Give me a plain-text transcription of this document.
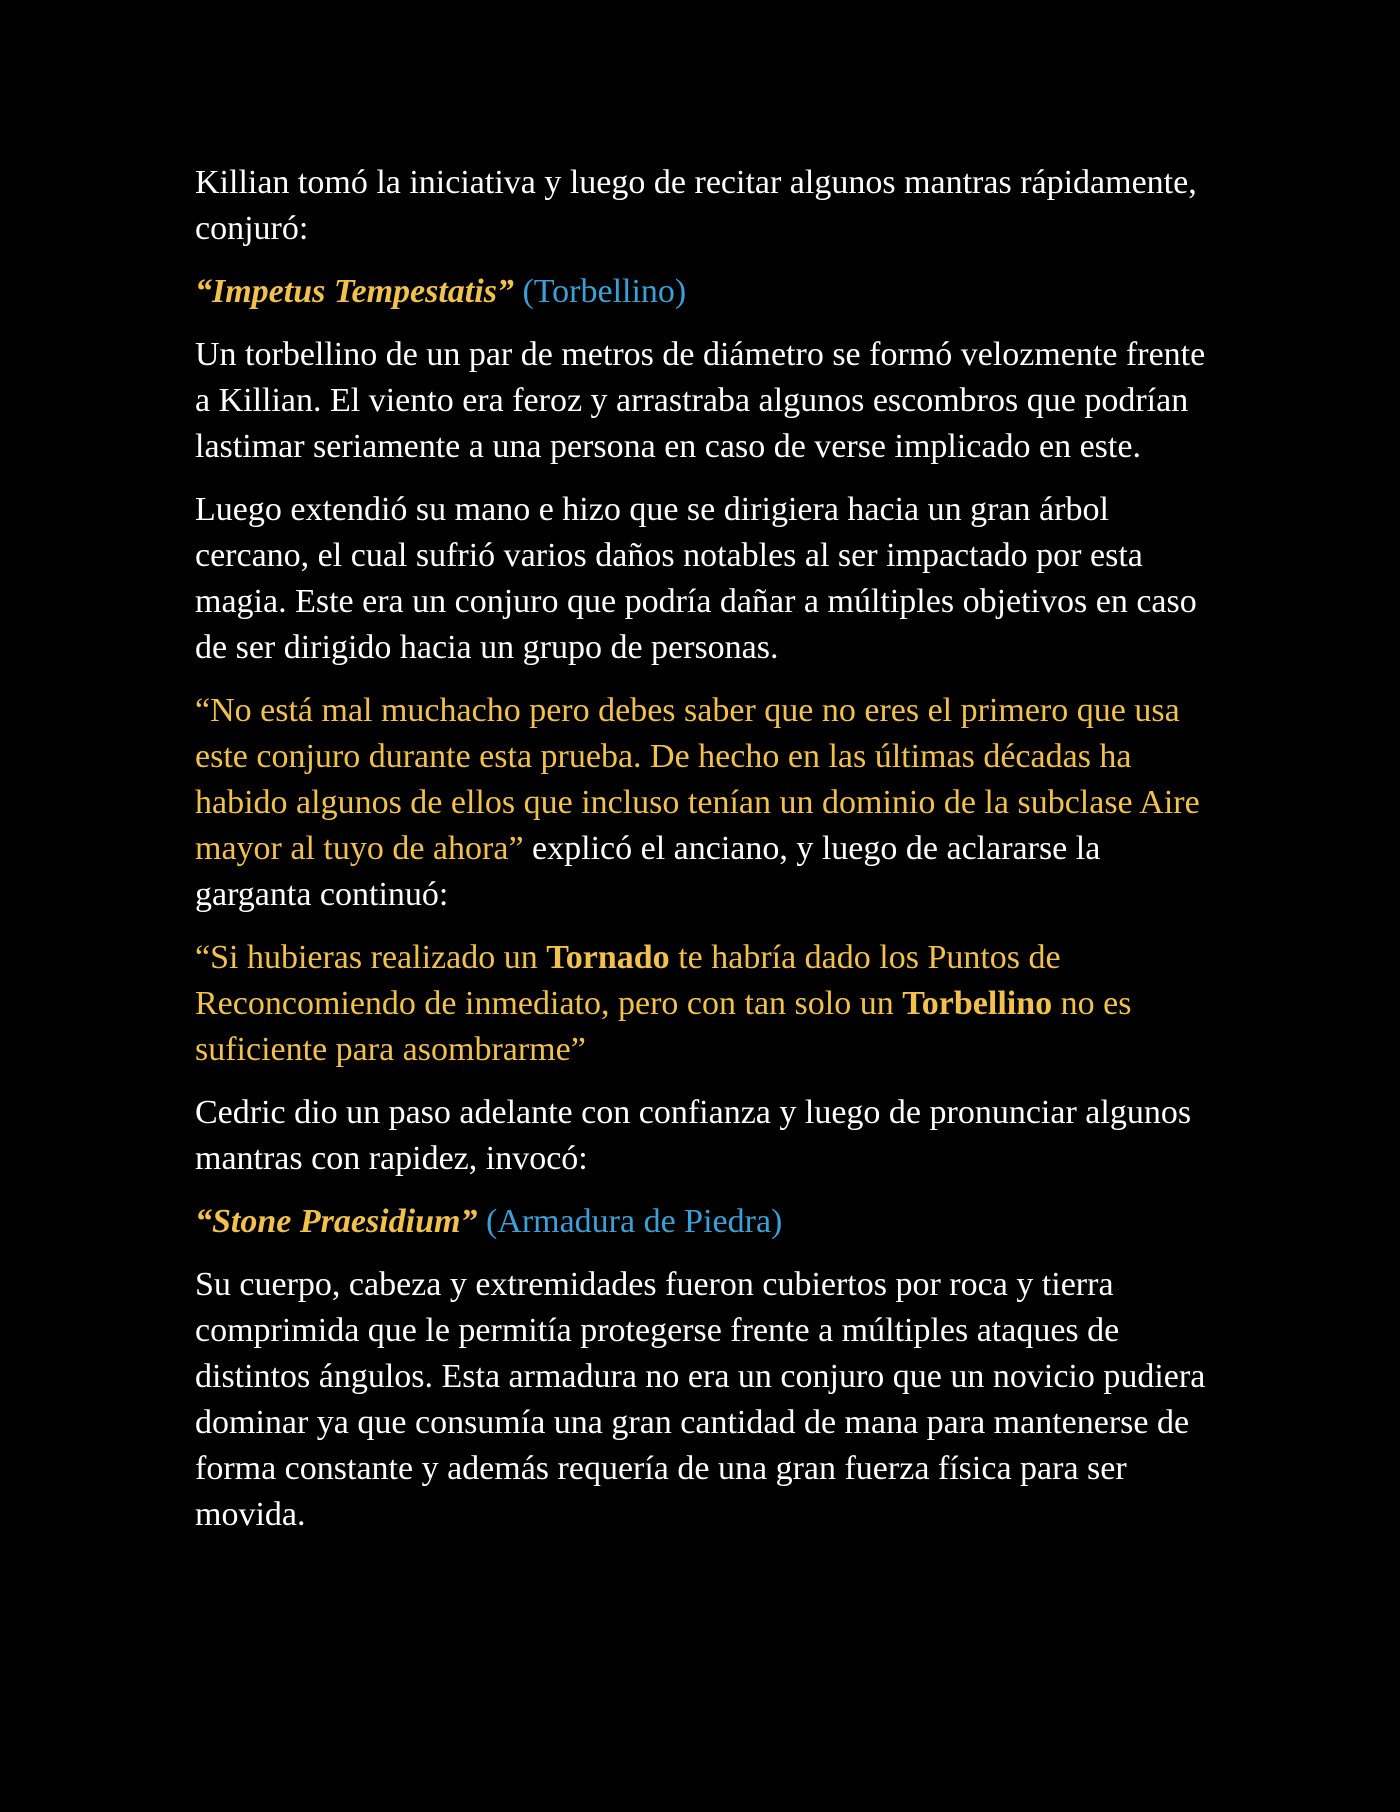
Killian tomó la iniciativa y luego de recitar algunos mantras rápidamente, conjuró:

“Impetus Tempestatis” (Torbellino)

Un torbellino de un par de metros de diámetro se formó velozmente frente a Killian. El viento era feroz y arrastraba algunos escombros que podrían lastimar seriamente a una persona en caso de verse implicado en este.

Luego extendió su mano e hizo que se dirigiera hacia un gran árbol cercano, el cual sufrió varios daños notables al ser impactado por esta magia. Este era un conjuro que podría dañar a múltiples objetivos en caso de ser dirigido hacia un grupo de personas.

“No está mal muchacho pero debes saber que no eres el primero que usa este conjuro durante esta prueba. De hecho en las últimas décadas ha habido algunos de ellos que incluso tenían un dominio de la subclase Aire mayor al tuyo de ahora” explicó el anciano, y luego de aclararse la garganta continuó:

“Si hubieras realizado un Tornado te habría dado los Puntos de Reconcomiendo de inmediato, pero con tan solo un Torbellino no es suficiente para asombrarme”

Cedric dio un paso adelante con confianza y luego de pronunciar algunos mantras con rapidez, invocó:

“Stone Praesidium” (Armadura de Piedra)

Su cuerpo, cabeza y extremidades fueron cubiertos por roca y tierra comprimida que le permitía protegerse frente a múltiples ataques de distintos ángulos. Esta armadura no era un conjuro que un novicio pudiera dominar ya que consumía una gran cantidad de mana para mantenerse de forma constante y además requería de una gran fuerza física para ser movida.
